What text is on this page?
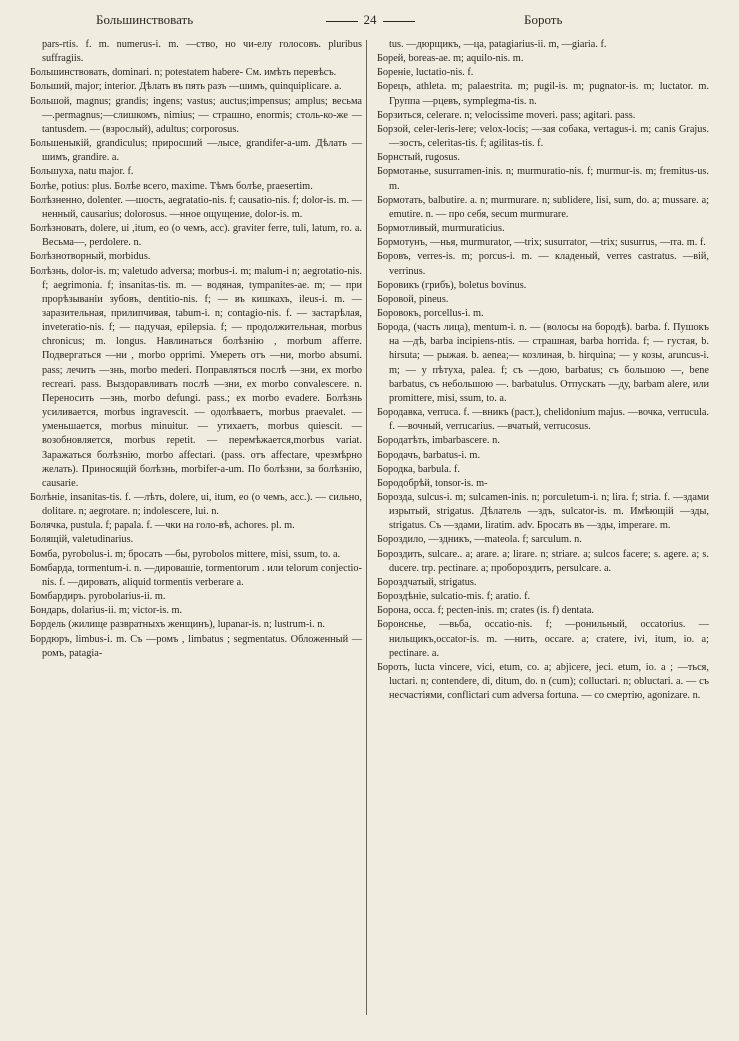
Большинствовать	24	Бороть

pars-rtis. f. m. numerus-i. m. —ство, но чи-елу голосовъ. pluribus suffragiis.

Большинствовать, dominari. n; potestatem habere- См. имѣть перевѣсъ.

Больший, major; interior. Дѣлать въ пять разъ —шимъ, quinquiplicare. a.

Большой, magnus; grandis; ingens; vastus; auctus;impensus; amplus; весьма —.permagnus;—слишкомъ, nimius; — страшно, enormis; столь-ко-же — tantusdem. — (взрослый), adultus; corporosus.

Большеныкій, grandiculus; приросший —лысе, grandifer-a-um. Дѣлать —шимъ, grandire. a.

Большуха, natu major. f.

Болѣе, potius: plus. Болѣе всего, maxime. Тѣмъ болѣе, praesertim.

Болѣзненно, dolenter. —шость, aegratatio-nis. f; causatio-nis. f; dolor-is. m. —ненный, causarius; dolorosus. —нное ощущение, dolor-is. m.

Болѣзновать, dolere, ui ,itum, eo (о чемъ, acc). graviter ferre, tuli, latum, ro. a. Весьма—, perdolere. n.

Болѣзнотворный, morbidus.

Болѣзнь, dolor-is. m; valetudo adversa; morbus-i. m; malum-i n; aegrotatio-nis. f; aegrimonia. f; insanitas-tis. m. — водяная, tympanites-ae. m; — при прорѣзываніи зубовъ, dentitio-nis. f; — въ кишкахъ, ileus-i. m. — заразительная, прилипчивая, tabum-i. n; contagio-nis. f. — застарѣлая, inveteratio-nis. f; — падучая, epilepsia. f; — продолжительная, morbus chronicus; m. longus. Навлинаться болѣзнію , morbum afferre. Подвергаться —ни , morbo opprimi. Умереть отъ —ни, morbo absumi. pass; лечить —знь, morbo mederi. Поправляться послѣ —зни, ex morbo recreari. pass. Выздоравливать послѣ —зни, ex morbo convalescere. n. Переносить —знь, morbo defungi. pass.; ex morbo evadere. Болѣзнь усиливается, morbus ingravescit. — одолѣваетъ, morbus praevalet. — уменьшается, morbus minuitur. — утихаетъ, morbus quiescit. — возобновляется, morbus repetit. — перемѣжается,morbus variat. Заражаться болѣзнію, morbo affectari. (pass. отъ affectare, чрезмѣрно желать). Приносящій болѣзнь, morbifer-a-um. По болѣзни, за болѣзнію, causarie.

Болѣніе, insanitas-tis. f. —лѣть, dolere, ui, itum, eo (о чемъ, acc.). — сильно, dolitare. n; aegrotare. n; indolescere, lui. n.

Болячка, pustula. f; papala. f. —чки на голо-вѣ, achores. pl. m.

Болящій, valetudinarius.

Бомба, pyrobolus-i. m; бросать —бы, pyrobolos mittere, misi, ssum, to. a.

Бомбарда, tormentum-i. n. —дировашіе, tormentorum . или telorum conjectio-nis. f. —дировать, aliquid tormentis verberare a.

Бомбардиръ. pyrobolarius-ii. m.

Бондарь, dolarius-ii. m; victor-is. m.

Бордель (жилище развратныхъ женщинъ), lupanar-is. n; lustrum-i. n.

Бордюръ, limbus-i. m. Съ —ромъ , limbatus ; segmentatus. Обложенный —ромъ, patagia-

tus. —дюрщикъ, —ца, patagiarius-ii. m, —giaria. f.

Борей, boreas-ae. m; aquilo-nis. m.

Боренiе, luctatio-nis. f.

Борецъ, athleta. m; palaestrita. m; pugil-is. m; pugnator-is. m; luctator. m. Группа —рцевъ, symplegma-tis. n.

Борзиться, celerare. n; velocissime moveri. pass; agitari. pass.

Борзой, celer-leris-lere; velox-locis; —зая собака, vertagus-i. m; canis Grajus. —зость, celeritas-tis. f; agilitas-tis. f.

Борнстый, rugosus.

Бормотанье, susurramen-inis. n; murmuratio-nis. f; murmur-is. m; fremitus-us. m.

Бормотать, balbutire. a. n; murmurare. n; sublidere, lisi, sum, do. a; mussare. a; emutire. n. — про себя, secum murmurare.

Бормотливый, murmuraticius.

Бормотунъ, —нья, murmurator, —trix; susurrator, —trix; susurrus, —rra. m. f.

Боровъ, verres-is. m; porcus-i. m. — кладеный, verres castratus. —вій, verrinus.

Боровикъ (грибъ), boletus bovinus.

Боровой, pineus.

Боровокъ, porcellus-i. m.

Борода, (часть лица), mentum-i. n. — (волосы на бородѣ). barba. f. Пушокъ на —дѣ, barba incipiens-ntis. — страшная, barba horrida. f; — густая, b. hirsuta; — рыжая. b. aenea;— козлиная, b. hirquina; — у козы, aruncus-i. m; — у пѣтуха, palea. f; съ —дою, barbatus; съ большою —, bene barbatus, съ небольшою —. barbatulus. Отпускать —ду, barbam alere, или promittere, misi, ssum, to. a.

Бородавка, verruca. f. —вникъ (раст.), chelidonium majus. —вочка, verrucula. f. —вочный, verrucarius. —вчатый, verrucosus.

Бородатѣть, imbarbascere. n.

Бородачъ, barbatus-i. m.

Бородка, barbula. f.

Бородобрѣй, tonsor-is. m-

Борозда, sulcus-i. m; sulcamen-inis. n; porculetum-i. n; lira. f; stria. f. —здами изрытый, strigatus. Дѣлатель —здъ, sulcator-is. m. Имѣющій —зды, strigatus. Съ —здами, liratim. adv. Бросать въ —зды, imperare. m.

Бороздило, —здникъ, —mateola. f; sarculum. n.

Бороздить, sulcare.. a; arare. a; lirare. n; striare. a; sulcos facere; s. agere. a; s. ducere. trp. pectinare. a; пробороздить, persulcare. a.

Бороздчатый, strigatus.

Бороздѣніе, sulcatio-mis. f; aratio. f.

Борона, occa. f; pecten-inis. m; crates (is. f) dentata.

Боронснье, —вьба, occatio-nis. f; —ронильный, occatorius. —нильщикъ,occator-is. m. —нить, occare. a; cratere, ivi, itum, io. a; pectinare. a.

Бороть, lucta vincere, vici, etum, co. a; abjicere, jeci. etum, io. a ; —ться, luctari. n; contendere, di, ditum, do. n (cum); colluctari. n; obluctari. a. — съ несчастiями, conflictari cum adversa fortuna. — со смертію, agonizare. n.
